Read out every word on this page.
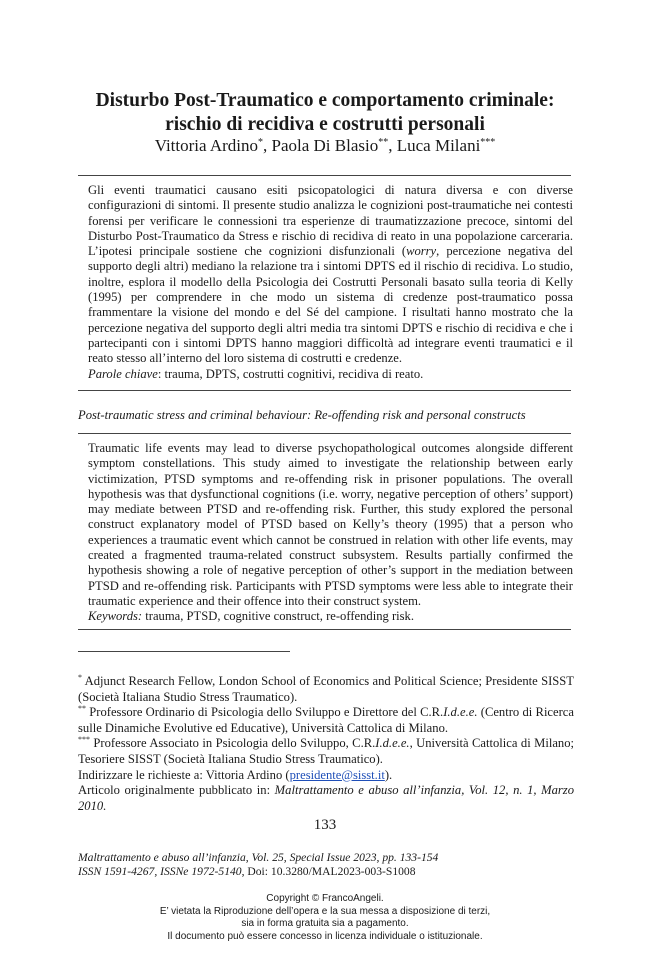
Disturbo Post-Traumatico e comportamento criminale:
rischio di recidiva e costrutti personali
Vittoria Ardino*, Paola Di Blasio**, Luca Milani***

Gli eventi traumatici causano esiti psicopatologici di natura diversa e con diverse configurazioni di sintomi. Il presente studio analizza le cognizioni post-traumatiche nei contesti forensi per verificare le connessioni tra esperienze di traumatizzazione precoce, sintomi del Disturbo Post-Traumatico da Stress e rischio di recidiva di reato in una popolazione carceraria. L’ipotesi principale sostiene che cognizioni disfunzionali (worry, percezione negativa del supporto degli altri) mediano la relazione tra i sintomi DPTS ed il rischio di recidiva. Lo studio, inoltre, esplora il modello della Psicologia dei Costrutti Personali basato sulla teoria di Kelly (1995) per comprendere in che modo un sistema di credenze post-traumatico possa frammentare la visione del mondo e del Sé del campione. I risultati hanno mostrato che la percezione negativa del supporto degli altri media tra sintomi DPTS e rischio di recidiva e che i partecipanti con i sintomi DPTS hanno maggiori difficoltà ad integrare eventi traumatici e il reato stesso all’interno del loro sistema di costrutti e credenze.

Parole chiave: trauma, DPTS, costrutti cognitivi, recidiva di reato.

Post-traumatic stress and criminal behaviour: Re-offending risk and personal constructs

Traumatic life events may lead to diverse psychopathological outcomes alongside different symptom constellations. This study aimed to investigate the relationship between early victimization, PTSD symptoms and re-offending risk in prisoner populations. The overall hypothesis was that dysfunctional cognitions (i.e. worry, negative perception of others’ support) may mediate between PTSD and re-offending risk. Further, this study explored the personal construct explanatory model of PTSD based on Kelly’s theory (1995) that a person who experiences a traumatic event which cannot be construed in relation with other life events, may created a fragmented trauma-related construct subsystem. Results partially confirmed the hypothesis showing a role of negative perception of other’s support in the mediation between PTSD and re-offending risk. Participants with PTSD symptoms were less able to integrate their traumatic experience and their offence into their construct system.

Keywords: trauma, PTSD, cognitive construct, re-offending risk.

* Adjunct Research Fellow, London School of Economics and Political Science; Presidente SISST (Società Italiana Studio Stress Traumatico).

** Professore Ordinario di Psicologia dello Sviluppo e Direttore del C.R.I.d.e.e. (Centro di Ricerca sulle Dinamiche Evolutive ed Educative), Università Cattolica di Milano.

*** Professore Associato in Psicologia dello Sviluppo, C.R.I.d.e.e., Università Cattolica di Milano; Tesoriere SISST (Società Italiana Studio Stress Traumatico).

Indirizzare le richieste a: Vittoria Ardino (presidente@sisst.it).

Articolo originalmente pubblicato in: Maltrattamento e abuso all’infanzia, Vol. 12, n. 1, Marzo 2010.

133
Maltrattamento e abuso all’infanzia, Vol. 25, Special Issue 2023, pp. 133-154
ISSN 1591-4267, ISSNe 1972-5140, Doi: 10.3280/MAL2023-003-S1008
Copyright © FrancoAngeli.
E’ vietata la Riproduzione dell’opera e la sua messa a disposizione di terzi,
sia in forma gratuita sia a pagamento.
Il documento può essere concesso in licenza individuale o istituzionale.
